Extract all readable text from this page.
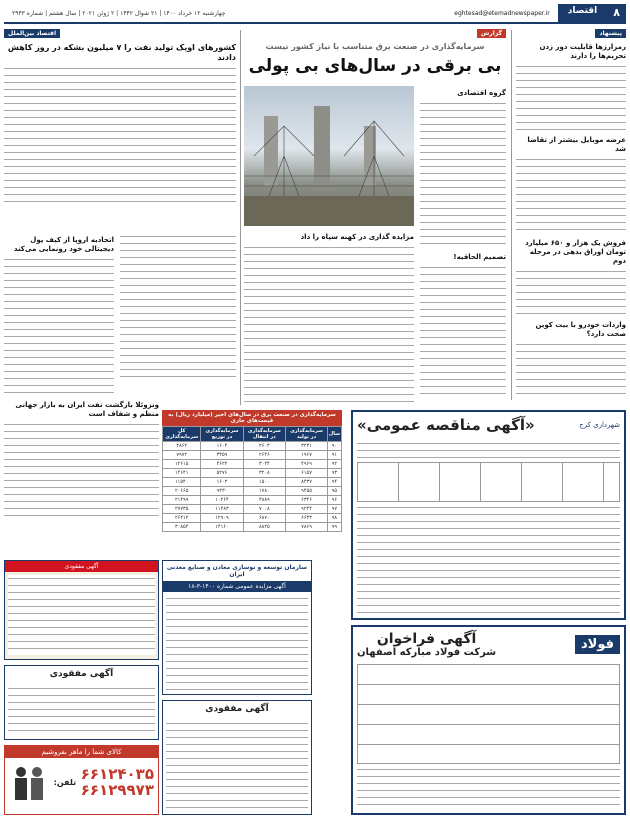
۸
اقتصاد
eghtesad@etemadnewspaper.ir
چهارشنبه ۱۲ خرداد ۱۴۰۰ | ۲۱ شوال ۱۴۴۲ | ۲ ژوئن ۲۰۲۱ | سال هشتم | شماره ۲۹۴۳
پیشنهاد
رمزارزها قابلیت دور زدن تحریم‌ها را دارند
عرضه موبایل بیشتر از تقاضا شد
فروش یک هزار و ۶۵۰ میلیارد تومان اوراق بدهی در مرحله دوم
واردات خودرو با بیت کوین صحت دارد؟
گزارش
سرمایه‌گذاری در صنعت برق متناسب با نیاز کشور نیست
بی برقی در سال‌های بی پولی
گروه اقتصادی
تصمیم الحاقیه!
مزایده گذاری در کهنه سپاه را داد
اقتصاد بین‌الملل
کشورهای اوپک تولید نفت را ۷ میلیون بشکه در روز کاهش دادند
اتحادیه اروپا از کیف پول دیجیتالی خود رونمایی می‌کند
سرمایه‌گذاری در صنعت برق در سال‌های اخیر (میلیارد ریال) به قیمت‌های جاری
سال	سرمایه‌گذاری در تولید	سرمایه‌گذاری در انتقال	سرمایه‌گذاری در توزیع	کل سرمایه‌گذاری
۹۰	۳۲۳۱	۲۶۰۳	۱۶۰۴	۴۸۶۲
۹۱	۱۹۶۷	۲۶۴۶	۳۳۵۹	۷۹۷۲
۹۲	۴۹۶۹	۳۰۲۴	۴۶۲۲	۱۲۶۱۵
۹۳	۶۱۵۷	۳۲۰۸	۵۲۷۶	۱۴۶۴۱
۹۴	۸۴۳۷	۱۵۰۰	۱۶۰۳	۱۱۵۴۰
۹۵	۹۴۵۵	۱۷۸۰	۹۴۳۰	۲۰۶۶۵
۹۶	۶۳۴۶	۴۸۸۹	۱۰۲۶۴	۲۱۴۹۹
۹۷	۹۲۴۴	۷۰۰۸	۱۱۴۸۳	۲۷۷۳۵
۹۸	۶۶۳۳	۶۸۷۰	۱۲۹۰۹	۲۶۴۱۲
۹۹	۷۸۶۹	۸۸۲۵	۱۴۱۶۰	۳۰۸۵۴
ونزوئلا بازگشت نفت ایران به بازار جهانی منظم و شفاف است
آگهی مفقودی
آگهی مفقودی
کالای شما را ماهر بفروشیم
۶۶۱۲۴۰۳۵
۶۶۱۲۹۹۷۳
تلفن:
سازمان توسعه و نوسازی معادن و صنایع معدنی ایران
آگهی مزایده عمومی شماره ۱۴۰۰-۳-۱۸
آگهی مفقودی
شهرداری کرج
«آگهی مناقصه عمومی»
فولاد
آگهی فراخوان
شرکت فولاد مبارکه اصفهان
